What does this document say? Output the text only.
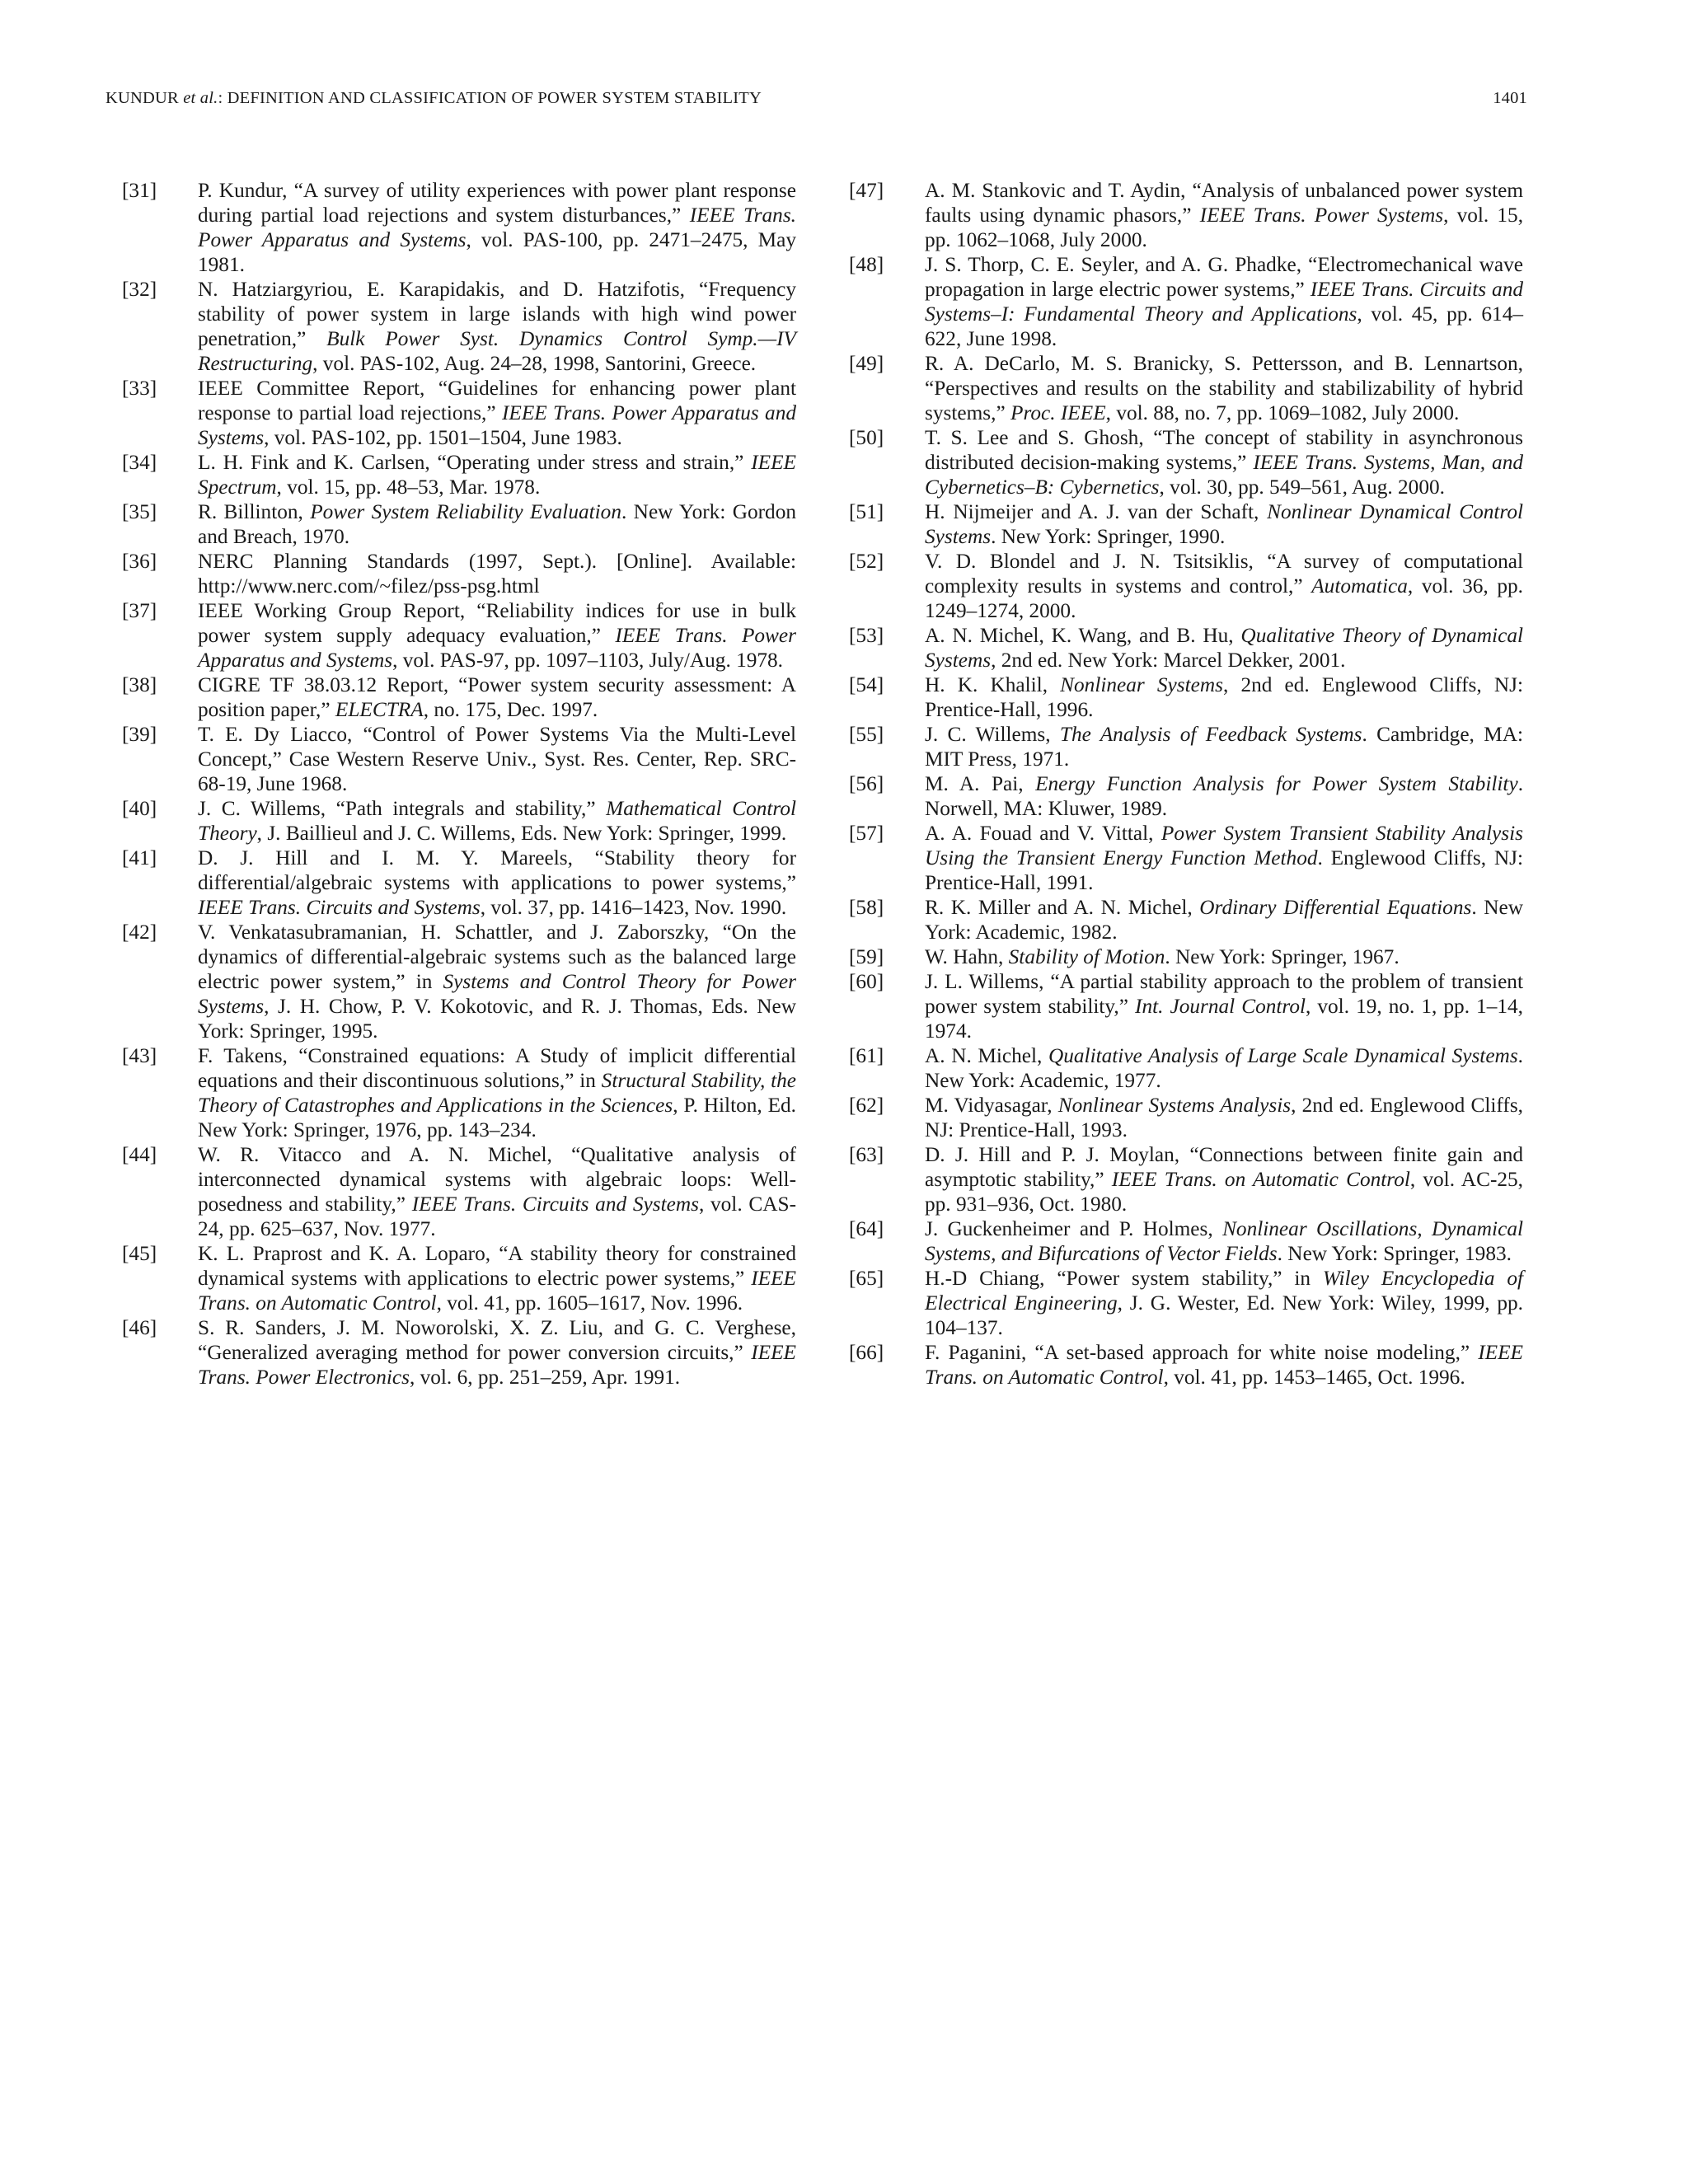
KUNDUR et al.: DEFINITION AND CLASSIFICATION OF POWER SYSTEM STABILITY	1401
[31] P. Kundur, “A survey of utility experiences with power plant response during partial load rejections and system disturbances,” IEEE Trans. Power Apparatus and Systems, vol. PAS-100, pp. 2471–2475, May 1981.
[32] N. Hatziargyriou, E. Karapidakis, and D. Hatzifotis, “Frequency stability of power system in large islands with high wind power penetration,” Bulk Power Syst. Dynamics Control Symp.—IV Restructuring, vol. PAS-102, Aug. 24–28, 1998, Santorini, Greece.
[33] IEEE Committee Report, “Guidelines for enhancing power plant response to partial load rejections,” IEEE Trans. Power Apparatus and Systems, vol. PAS-102, pp. 1501–1504, June 1983.
[34] L. H. Fink and K. Carlsen, “Operating under stress and strain,” IEEE Spectrum, vol. 15, pp. 48–53, Mar. 1978.
[35] R. Billinton, Power System Reliability Evaluation. New York: Gordon and Breach, 1970.
[36] NERC Planning Standards (1997, Sept.). [Online]. Available: http://www.nerc.com/~filez/pss-psg.html
[37] IEEE Working Group Report, “Reliability indices for use in bulk power system supply adequacy evaluation,” IEEE Trans. Power Apparatus and Systems, vol. PAS-97, pp. 1097–1103, July/Aug. 1978.
[38] CIGRE TF 38.03.12 Report, “Power system security assessment: A position paper,” ELECTRA, no. 175, Dec. 1997.
[39] T. E. Dy Liacco, “Control of Power Systems Via the Multi-Level Concept,” Case Western Reserve Univ., Syst. Res. Center, Rep. SRC-68-19, June 1968.
[40] J. C. Willems, “Path integrals and stability,” Mathematical Control Theory, J. Baillieul and J. C. Willems, Eds. New York: Springer, 1999.
[41] D. J. Hill and I. M. Y. Mareels, “Stability theory for differential/algebraic systems with applications to power systems,” IEEE Trans. Circuits and Systems, vol. 37, pp. 1416–1423, Nov. 1990.
[42] V. Venkatasubramanian, H. Schattler, and J. Zaborszky, “On the dynamics of differential-algebraic systems such as the balanced large electric power system,” in Systems and Control Theory for Power Systems, J. H. Chow, P. V. Kokotovic, and R. J. Thomas, Eds. New York: Springer, 1995.
[43] F. Takens, “Constrained equations: A Study of implicit differential equations and their discontinuous solutions,” in Structural Stability, the Theory of Catastrophes and Applications in the Sciences, P. Hilton, Ed. New York: Springer, 1976, pp. 143–234.
[44] W. R. Vitacco and A. N. Michel, “Qualitative analysis of interconnected dynamical systems with algebraic loops: Well-posedness and stability,” IEEE Trans. Circuits and Systems, vol. CAS-24, pp. 625–637, Nov. 1977.
[45] K. L. Praprost and K. A. Loparo, “A stability theory for constrained dynamical systems with applications to electric power systems,” IEEE Trans. on Automatic Control, vol. 41, pp. 1605–1617, Nov. 1996.
[46] S. R. Sanders, J. M. Noworolski, X. Z. Liu, and G. C. Verghese, “Generalized averaging method for power conversion circuits,” IEEE Trans. Power Electronics, vol. 6, pp. 251–259, Apr. 1991.
[47] A. M. Stankovic and T. Aydin, “Analysis of unbalanced power system faults using dynamic phasors,” IEEE Trans. Power Systems, vol. 15, pp. 1062–1068, July 2000.
[48] J. S. Thorp, C. E. Seyler, and A. G. Phadke, “Electromechanical wave propagation in large electric power systems,” IEEE Trans. Circuits and Systems–I: Fundamental Theory and Applications, vol. 45, pp. 614–622, June 1998.
[49] R. A. DeCarlo, M. S. Branicky, S. Pettersson, and B. Lennartson, “Perspectives and results on the stability and stabilizability of hybrid systems,” Proc. IEEE, vol. 88, no. 7, pp. 1069–1082, July 2000.
[50] T. S. Lee and S. Ghosh, “The concept of stability in asynchronous distributed decision-making systems,” IEEE Trans. Systems, Man, and Cybernetics–B: Cybernetics, vol. 30, pp. 549–561, Aug. 2000.
[51] H. Nijmeijer and A. J. van der Schaft, Nonlinear Dynamical Control Systems. New York: Springer, 1990.
[52] V. D. Blondel and J. N. Tsitsiklis, “A survey of computational complexity results in systems and control,” Automatica, vol. 36, pp. 1249–1274, 2000.
[53] A. N. Michel, K. Wang, and B. Hu, Qualitative Theory of Dynamical Systems, 2nd ed. New York: Marcel Dekker, 2001.
[54] H. K. Khalil, Nonlinear Systems, 2nd ed. Englewood Cliffs, NJ: Prentice-Hall, 1996.
[55] J. C. Willems, The Analysis of Feedback Systems. Cambridge, MA: MIT Press, 1971.
[56] M. A. Pai, Energy Function Analysis for Power System Stability. Norwell, MA: Kluwer, 1989.
[57] A. A. Fouad and V. Vittal, Power System Transient Stability Analysis Using the Transient Energy Function Method. Englewood Cliffs, NJ: Prentice-Hall, 1991.
[58] R. K. Miller and A. N. Michel, Ordinary Differential Equations. New York: Academic, 1982.
[59] W. Hahn, Stability of Motion. New York: Springer, 1967.
[60] J. L. Willems, “A partial stability approach to the problem of transient power system stability,” Int. Journal Control, vol. 19, no. 1, pp. 1–14, 1974.
[61] A. N. Michel, Qualitative Analysis of Large Scale Dynamical Systems. New York: Academic, 1977.
[62] M. Vidyasagar, Nonlinear Systems Analysis, 2nd ed. Englewood Cliffs, NJ: Prentice-Hall, 1993.
[63] D. J. Hill and P. J. Moylan, “Connections between finite gain and asymptotic stability,” IEEE Trans. on Automatic Control, vol. AC-25, pp. 931–936, Oct. 1980.
[64] J. Guckenheimer and P. Holmes, Nonlinear Oscillations, Dynamical Systems, and Bifurcations of Vector Fields. New York: Springer, 1983.
[65] H.-D Chiang, “Power system stability,” in Wiley Encyclopedia of Electrical Engineering, J. G. Wester, Ed. New York: Wiley, 1999, pp. 104–137.
[66] F. Paganini, “A set-based approach for white noise modeling,” IEEE Trans. on Automatic Control, vol. 41, pp. 1453–1465, Oct. 1996.
